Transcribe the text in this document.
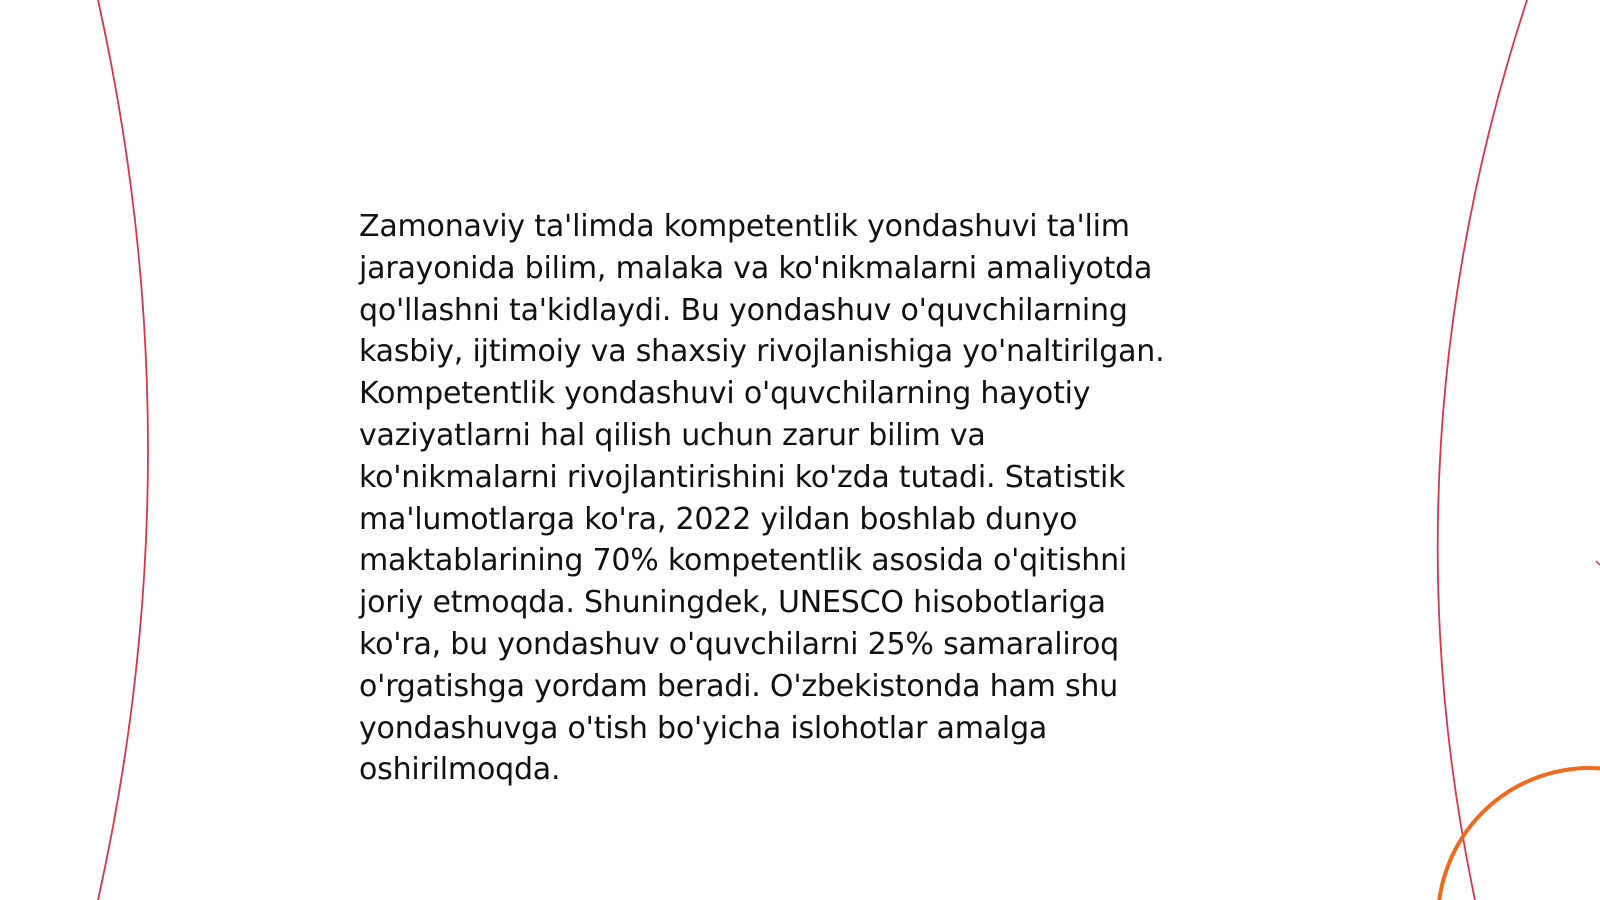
Zamonaviy ta'limda kompetentlik yondashuvi ta'lim
jarayonida bilim, malaka va ko'nikmalarni amaliyotda
qo'llashni ta'kidlaydi. Bu yondashuv o'quvchilarning
kasbiy, ijtimoiy va shaxsiy rivojlanishiga yo'naltirilgan.
Kompetentlik yondashuvi o'quvchilarning hayotiy
vaziyatlarni hal qilish uchun zarur bilim va
ko'nikmalarni rivojlantirishini ko'zda tutadi. Statistik
ma'lumotlarga ko'ra, 2022 yildan boshlab dunyo
maktablarining 70% kompetentlik asosida o'qitishni
joriy etmoqda. Shuningdek, UNESCO hisobotlariga
ko'ra, bu yondashuv o'quvchilarni 25% samaraliroq
o'rgatishga yordam beradi. O'zbekistonda ham shu
yondashuvga o'tish bo'yicha islohotlar amalga
oshirilmoqda.
